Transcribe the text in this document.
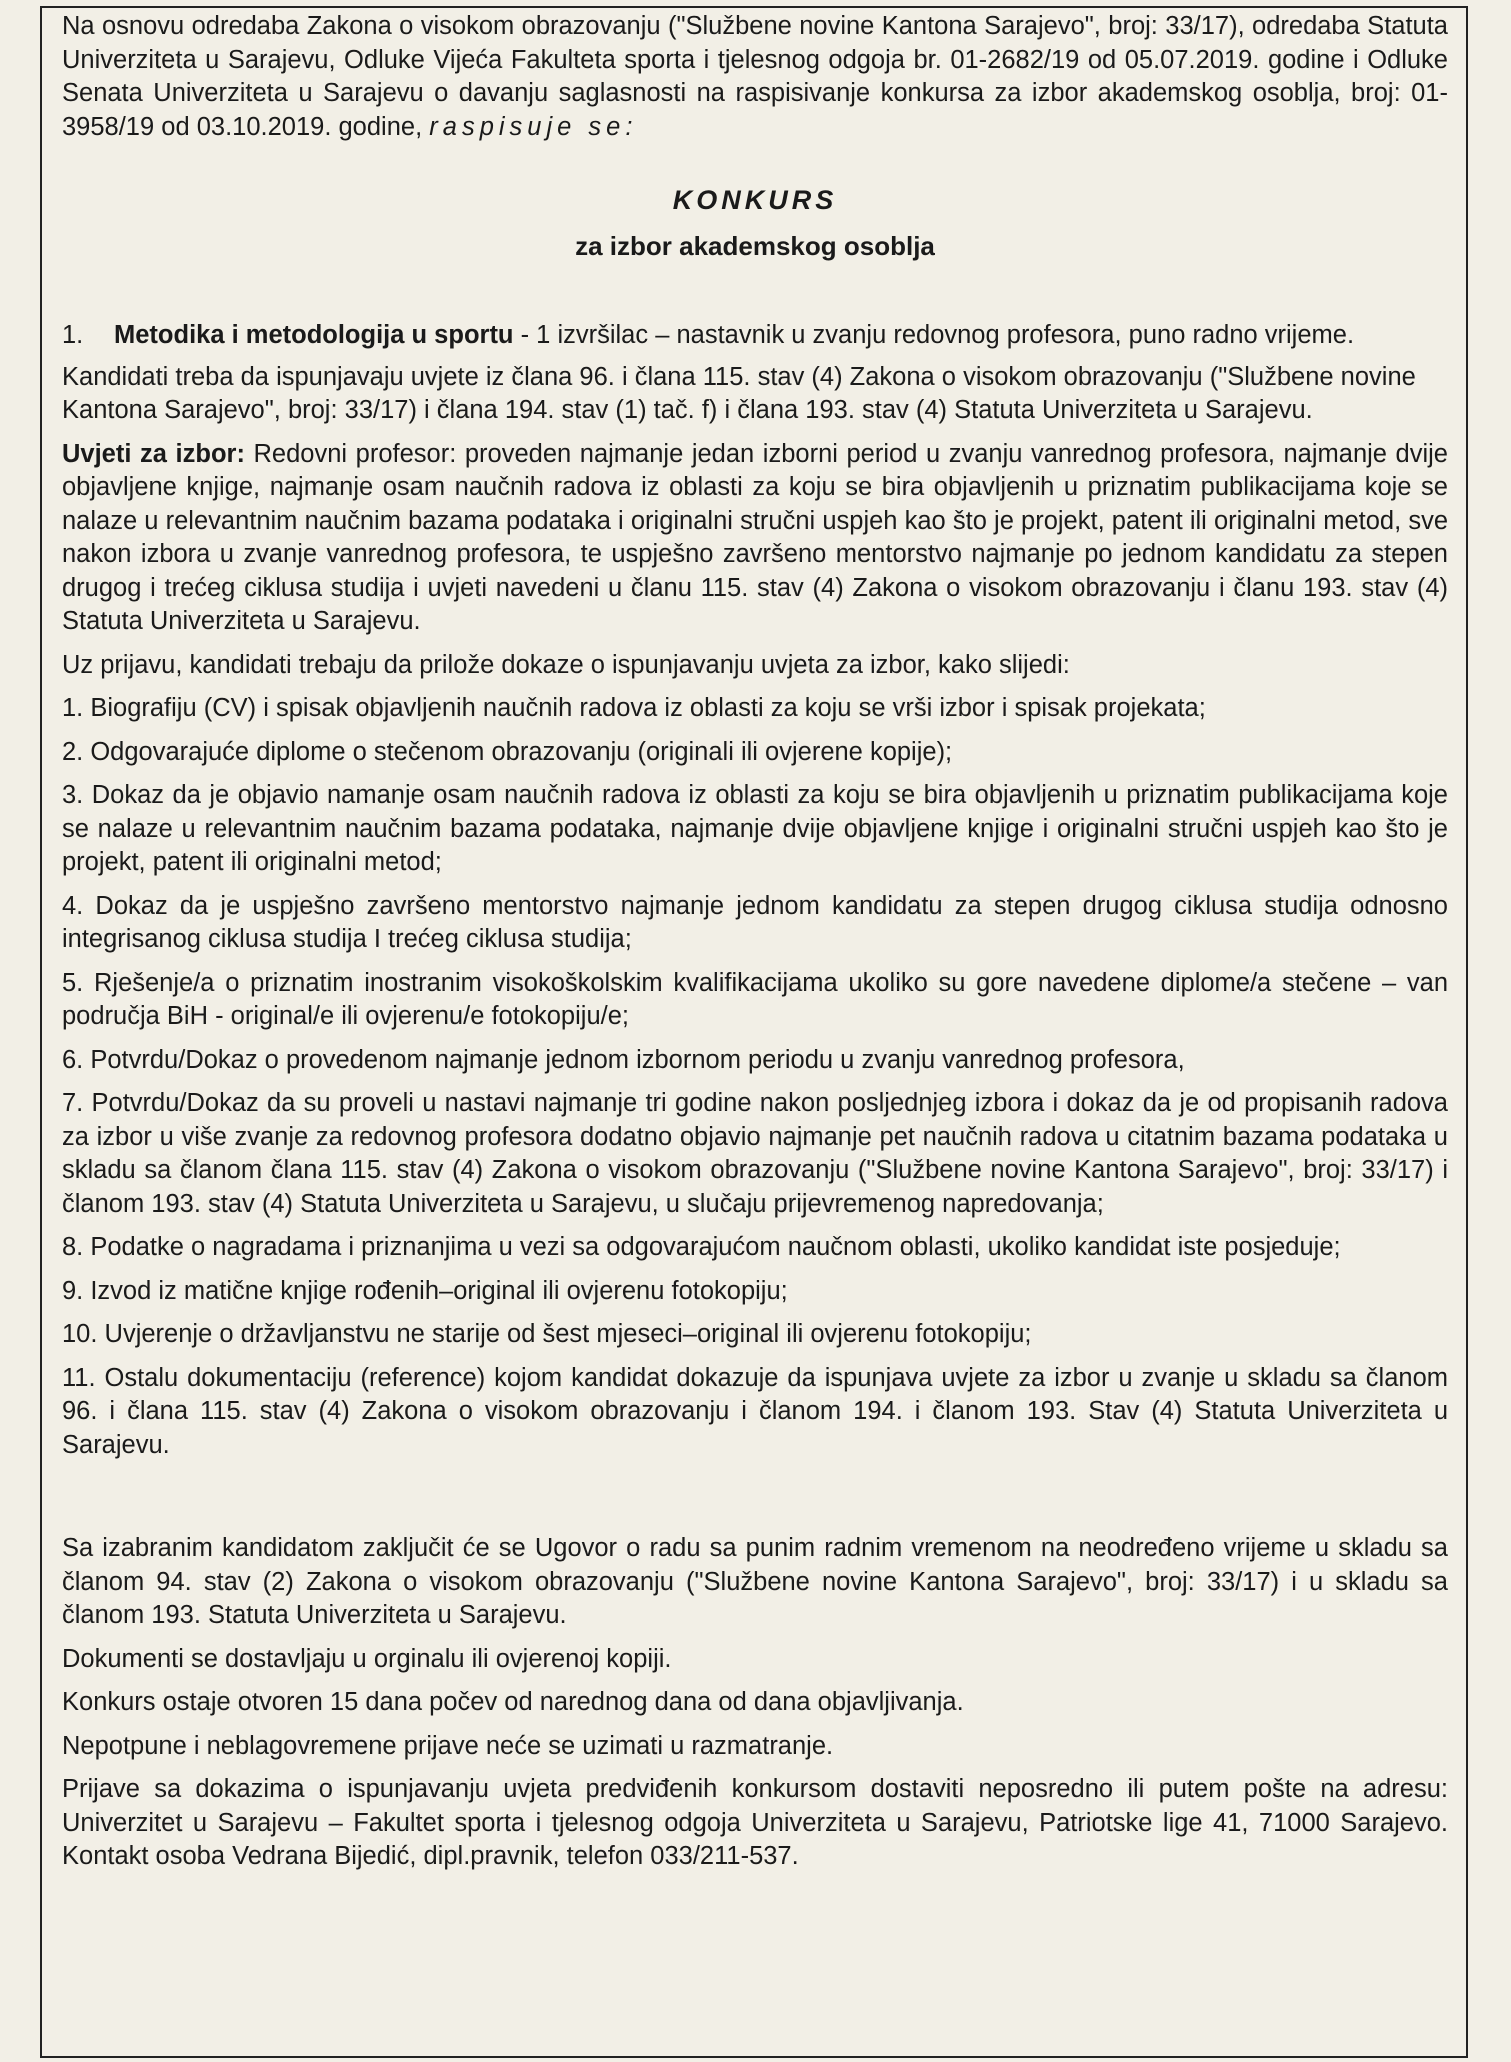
Na osnovu odredaba Zakona o visokom obrazovanju ("Službene novine Kantona Sarajevo", broj: 33/17), odredaba Statuta Univerziteta u Sarajevu, Odluke Vijeća Fakulteta sporta i tjelesnog odgoja br. 01-2682/19 od 05.07.2019. godine i Odluke Senata Univerziteta u Sarajevu o davanju saglasnosti na raspisivanje konkursa za izbor akademskog osoblja, broj: 01-3958/19 od 03.10.2019. godine, raspisuje se:

KONKURS
za izbor akademskog osoblja
1.	Metodika i metodologija u sportu - 1 izvršilac – nastavnik u zvanju redovnog profesora, puno radno vrijeme.

Kandidati treba da ispunjavaju uvjete iz člana 96. i člana 115. stav (4) Zakona o visokom obrazovanju ("Službene novine Kantona Sarajevo", broj: 33/17) i člana 194. stav (1) tač. f) i člana 193. stav (4) Statuta Univerziteta u Sarajevu.

Uvjeti za izbor: Redovni profesor: proveden najmanje jedan izborni period u zvanju vanrednog profesora, najmanje dvije objavljene knjige, najmanje osam naučnih radova iz oblasti za koju se bira objavljenih u priznatim publikacijama koje se nalaze u relevantnim naučnim bazama podataka i originalni stručni uspjeh kao što je projekt, patent ili originalni metod, sve nakon izbora u zvanje vanrednog profesora, te uspješno završeno mentorstvo najmanje po jednom kandidatu za stepen drugog i trećeg ciklusa studija i uvjeti navedeni u članu 115. stav (4) Zakona o visokom obrazovanju i članu 193. stav (4) Statuta Univerziteta u Sarajevu.

Uz prijavu, kandidati trebaju da prilože dokaze o ispunjavanju uvjeta za izbor, kako slijedi:

1. Biografiju (CV) i spisak objavljenih naučnih radova iz oblasti za koju se vrši izbor i spisak projekata;

2. Odgovarajuće diplome o stečenom obrazovanju (originali ili ovjerene kopije);

3. Dokaz da je objavio namanje osam naučnih radova iz oblasti za koju se bira objavljenih u priznatim publikacijama koje se nalaze u relevantnim naučnim bazama podataka, najmanje dvije objavljene knjige i originalni stručni uspjeh kao što je projekt, patent ili originalni metod;

4. Dokaz da je uspješno završeno mentorstvo najmanje jednom kandidatu za stepen drugog ciklusa studija odnosno integrisanog ciklusa studija I trećeg ciklusa studija;

5. Rješenje/a o priznatim inostranim visokoškolskim kvalifikacijama ukoliko su gore navedene diplome/a stečene – van područja BiH - original/e ili ovjerenu/e fotokopiju/e;

6. Potvrdu/Dokaz o provedenom najmanje jednom izbornom periodu u zvanju vanrednog profesora,

7. Potvrdu/Dokaz da su proveli u nastavi najmanje tri godine nakon posljednjeg izbora i dokaz da je od propisanih radova za izbor u više zvanje za redovnog profesora dodatno objavio najmanje pet naučnih radova u citatnim bazama podataka u skladu sa članom člana 115. stav (4) Zakona o visokom obrazovanju ("Službene novine Kantona Sarajevo", broj: 33/17) i članom 193. stav (4) Statuta Univerziteta u Sarajevu, u slučaju prijevremenog napredovanja;

8. Podatke o nagradama i priznanjima u vezi sa odgovarajućom naučnom oblasti, ukoliko kandidat iste posjeduje;

9. Izvod iz matične knjige rođenih–original ili ovjerenu fotokopiju;

10. Uvjerenje o državljanstvu ne starije od šest mjeseci–original ili ovjerenu fotokopiju;

11. Ostalu dokumentaciju (reference) kojom kandidat dokazuje da ispunjava uvjete za izbor u zvanje u skladu sa članom 96. i člana 115. stav (4) Zakona o visokom obrazovanju i članom 194. i članom 193. Stav (4) Statuta Univerziteta u Sarajevu.

Sa izabranim kandidatom zaključit će se Ugovor o radu sa punim radnim vremenom na neodređeno vrijeme u skladu sa članom 94. stav (2) Zakona o visokom obrazovanju ("Službene novine Kantona Sarajevo", broj: 33/17) i u skladu sa članom 193. Statuta Univerziteta u Sarajevu.

Dokumenti se dostavljaju u orginalu ili ovjerenoj kopiji.

Konkurs ostaje otvoren 15 dana počev od narednog dana od dana objavljivanja.

Nepotpune i neblagovremene prijave neće se uzimati u razmatranje.

Prijave sa dokazima o ispunjavanju uvjeta predviđenih konkursom dostaviti neposredno ili putem pošte na adresu: Univerzitet u Sarajevu – Fakultet sporta i tjelesnog odgoja Univerziteta u Sarajevu, Patriotske lige 41, 71000 Sarajevo. Kontakt osoba Vedrana Bijedić, dipl.pravnik, telefon 033/211-537.
